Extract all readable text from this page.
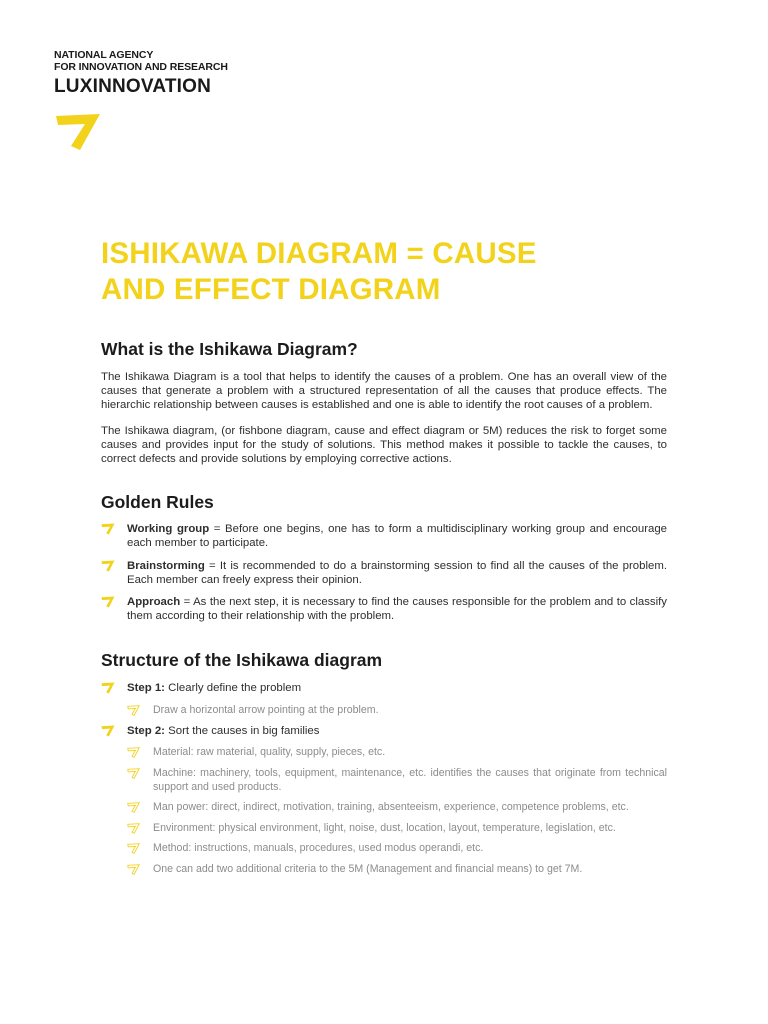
NATIONAL AGENCY
FOR INNOVATION AND RESEARCH
LUXINNOVATION
ISHIKAWA DIAGRAM = CAUSE
AND EFFECT DIAGRAM
What is the Ishikawa Diagram?

The Ishikawa Diagram is a tool that helps to identify the causes of a problem. One has an overall view of the causes that generate a problem with a structured representation of all the causes that produce effects. The hierarchic relationship between causes is established and one is able to identify the root causes of a problem.

The Ishikawa diagram, (or fishbone diagram, cause and effect diagram or 5M) reduces the risk to forget some causes and provides input for the study of solutions. This method makes it possible to tackle the causes, to correct defects and provide solutions by employing corrective actions.

Golden Rules
Working group = Before one begins, one has to form a multidisciplinary working group and encourage each member to participate.
Brainstorming = It is recommended to do a brainstorming session to find all the causes of the problem. Each member can freely express their opinion.
Approach = As the next step, it is necessary to find the causes responsible for the problem and to classify them according to their relationship with the problem.
Structure of the Ishikawa diagram
Step 1: Clearly define the problem
Draw a horizontal arrow pointing at the problem.
Step 2: Sort the causes in big families
Material: raw material, quality, supply, pieces, etc.
Machine: machinery, tools, equipment, maintenance, etc. identifies the causes that originate from technical support and used products.
Man power: direct, indirect, motivation, training, absenteeism, experience, competence problems, etc.
Environment: physical environment, light, noise, dust, location, layout, temperature, legislation, etc.
Method: instructions, manuals, procedures, used modus operandi, etc.
One can add two additional criteria to the 5M (Management and financial means) to get 7M.
